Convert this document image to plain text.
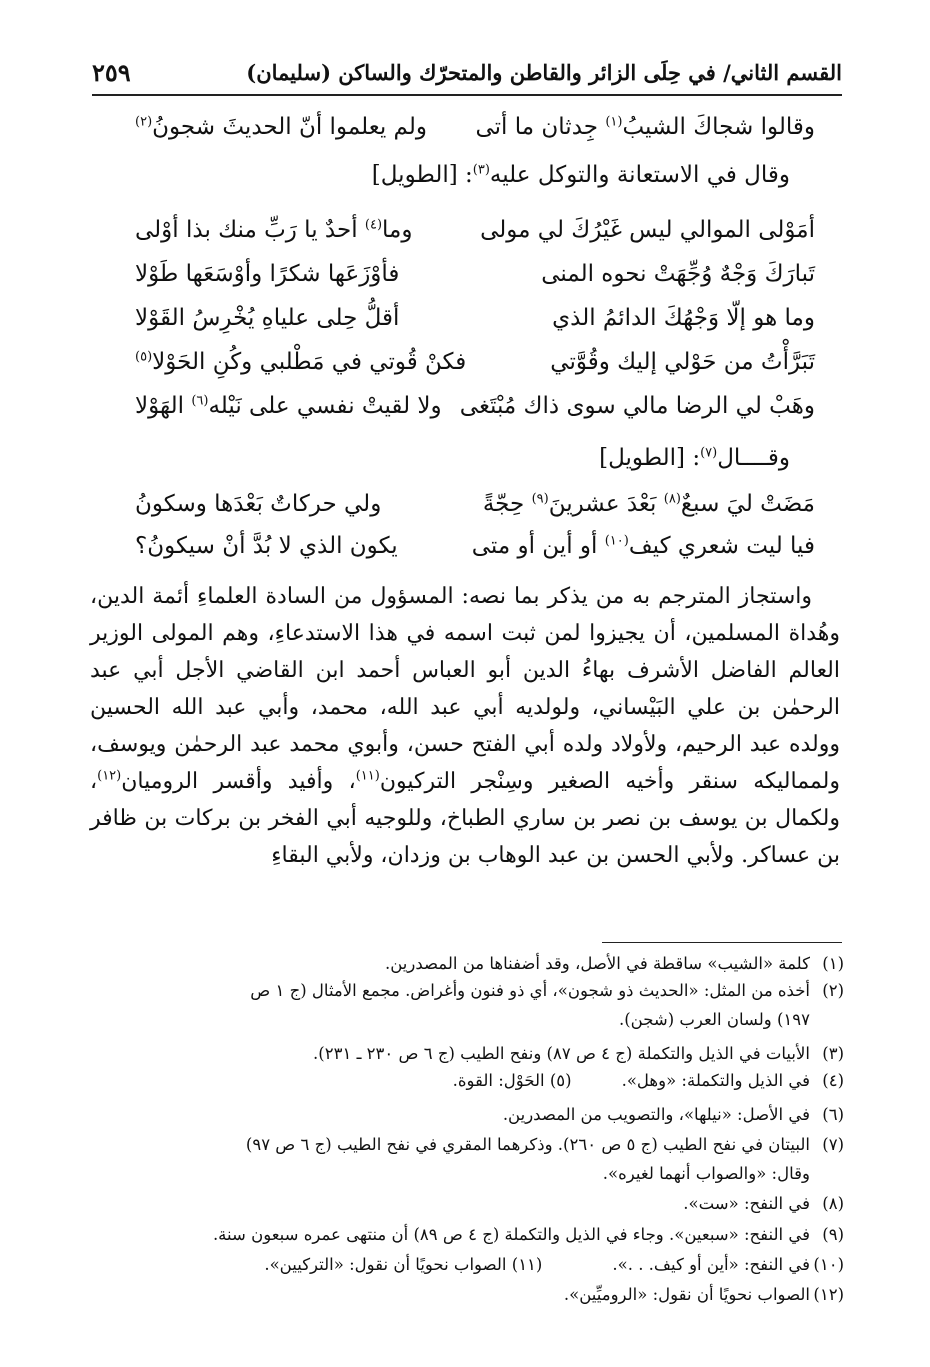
القسم الثاني/ في حِلَى الزائر والقاطن والمتحرّك والساكن (سليمان)
٢٥٩
وقالوا شجاكَ الشيبُ$^{(١)}$ جِدثان ما أتى
ولم يعلموا أنّ الحديثَ شجونُ$^{(٢)}$
وقال في الاستعانة والتوكل عليه$^{(٣)}$: [الطويل]
أمَوْلى الموالي ليس غَيْرُكَ لي مولى
وما$^{(٤)}$ أحدٌ يا رَبِّ منك بذا أوْلى
تَبارَكَ وَجْهٌ وُجِّهَتْ نحوه المنى
فأوْزَعَها شكرًا وأوْسَعَها طَوْلا
وما هو إلّا وَجْهُكَ الدائمُ الذي
أقلُّ حِلى علياهِ يُخْرِسُ القَوْلا
تَبَرَّأْتُ من حَوْلي إليك وقُوَّتي
فكنْ قُوتي في مَطْلبي وكُنِ الحَوْلا$^{(٥)}$
وهَبْ لي الرضا مالي سوى ذاك مُبْتَغى
ولا لقيتْ نفسي على نَيْله$^{(٦)}$ الهَوْلا
وقــــال$^{(٧)}$: [الطويل]
مَضَتْ ليَ سبعٌ$^{(٨)}$ بَعْدَ عشرينَ$^{(٩)}$ حِجّةً
ولي حركاتٌ بَعْدَها وسكونُ
فيا ليت شعري كيف$^{(١٠)}$ أو أين أو متى
يكون الذي لا بُدَّ أنْ سيكونُ؟

واستجاز المترجم به من يذكر بما نصه: المسؤول من السادة العلماءِ أئمة الدين، وهُداة المسلمين، أن يجيزوا لمن ثبت اسمه في هذا الاستدعاءِ، وهم المولى الوزير العالم الفاضل الأشرف بهاءُ الدين أبو العباس أحمد ابن القاضي الأجل أبي عبد الرحمٰن بن علي البَيْساني، ولولديه أبي عبد الله، محمد، وأبي عبد الله الحسين وولده عبد الرحيم، ولأولاد ولده أبي الفتح حسن، وأبوي محمد عبد الرحمٰن ويوسف، ولمماليكه سنقر وأخيه الصغير وسِنْجر التركيون$^{(١١)}$، وأفيد وأقسر الروميان$^{(١٢)}$، ولكمال بن يوسف بن نصر بن ساري الطباخ، وللوجيه أبي الفخر بن بركات بن ظافر بن عساكر. ولأبي الحسن بن عبد الوهاب بن وزدان، ولأبي البقاءِ

(١)كلمة «الشيب» ساقطة في الأصل، وقد أضفناها من المصدرين.
(٢)أخذه من المثل: «الحديث ذو شجون»، أي ذو فنون وأغراض. مجمع الأمثال (ج ١ ص
١٩٧) ولسان العرب (شجن).
(٣)الأبيات في الذيل والتكملة (ج ٤ ص ٨٧) ونفح الطيب (ج ٦ ص ٢٣٠ ـ ٢٣١).
(٤)في الذيل والتكملة: «وهل».(٥) الحَوْل: القوة.
(٦)في الأصل: «نيلها»، والتصويب من المصدرين.
(٧)البيتان في نفح الطيب (ج ٥ ص ٢٦٠). وذكرهما المقري في نفح الطيب (ج ٦ ص ٩٧)
وقال: «والصواب أنهما لغيره».
(٨)في النفح: «ست».
(٩)في النفح: «سبعين». وجاء في الذيل والتكملة (ج ٤ ص ٨٩) أن منتهى عمره سبعون سنة.
(١٠)في النفح: «أين أو كيف. . .».(١١) الصواب نحويًا أن نقول: «التركيين».
(١٢)الصواب نحويًا أن نقول: «الروميِّين».
